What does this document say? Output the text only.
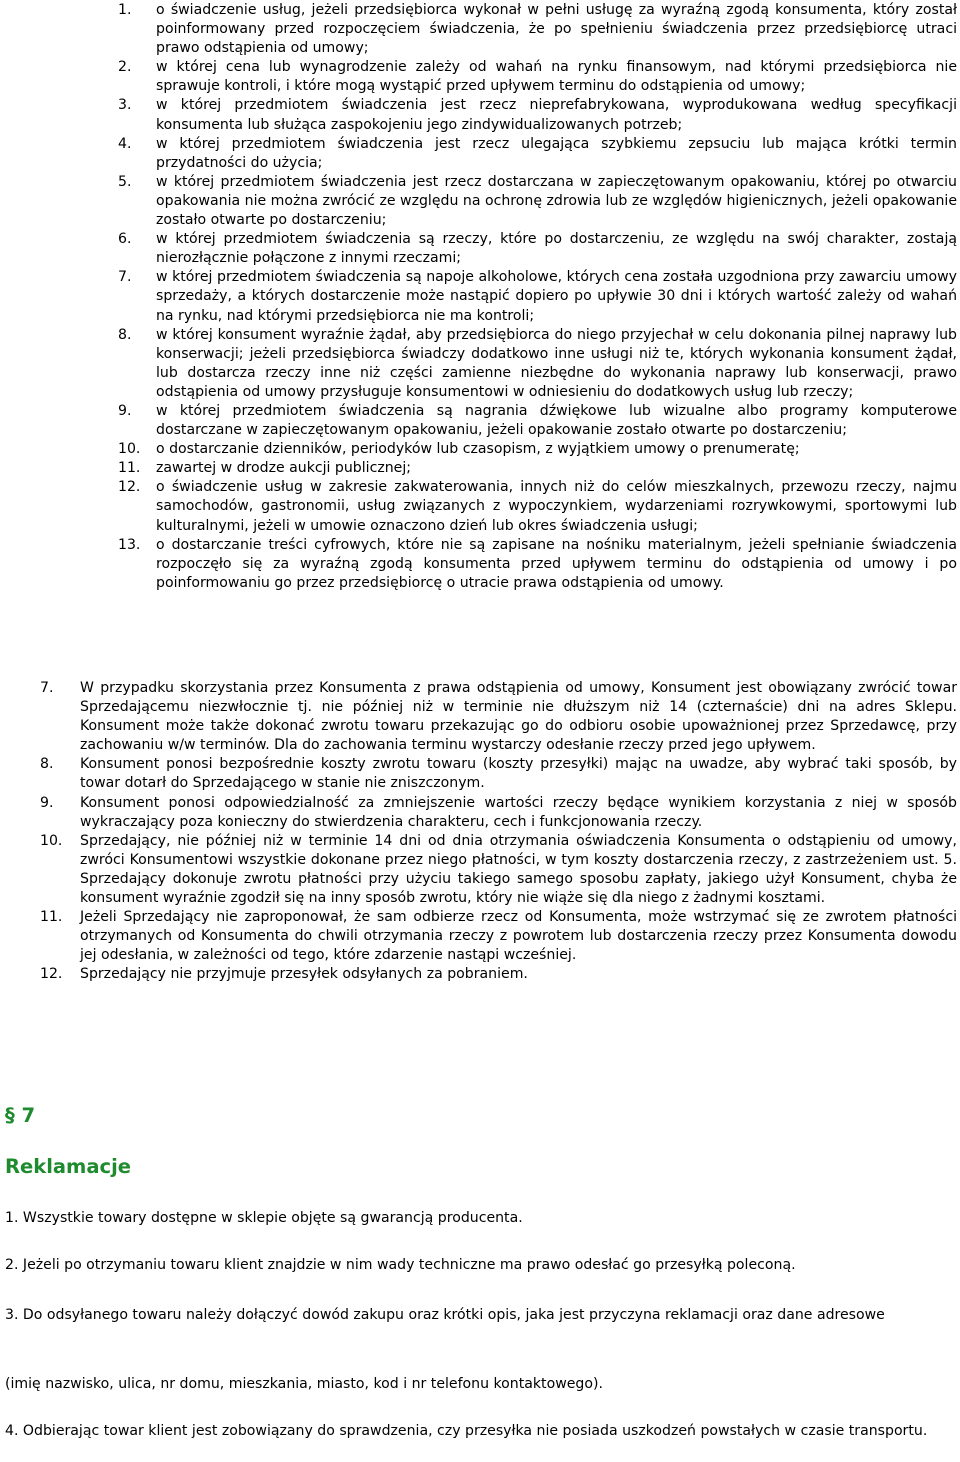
1. o świadczenie usług, jeżeli przedsiębiorca wykonał w pełni usługę za wyraźną zgodą konsumenta, który został poinformowany przed rozpoczęciem świadczenia, że po spełnieniu świadczenia przez przedsiębiorcę utraci prawo odstąpienia od umowy;
2. w której cena lub wynagrodzenie zależy od wahań na rynku finansowym, nad którymi przedsiębiorca nie sprawuje kontroli, i które mogą wystąpić przed upływem terminu do odstąpienia od umowy;
3. w której przedmiotem świadczenia jest rzecz nieprefabrykowana, wyprodukowana według specyfikacji konsumenta lub służąca zaspokojeniu jego zindywidualizowanych potrzeb;
4. w której przedmiotem świadczenia jest rzecz ulegająca szybkiemu zepsuciu lub mająca krótki termin przydatności do użycia;
5. w której przedmiotem świadczenia jest rzecz dostarczana w zapieczętowanym opakowaniu, której po otwarciu opakowania nie można zwrócić ze względu na ochronę zdrowia lub ze względów higienicznych, jeżeli opakowanie zostało otwarte po dostarczeniu;
6. w której przedmiotem świadczenia są rzeczy, które po dostarczeniu, ze względu na swój charakter, zostają nierozłącznie połączone z innymi rzeczami;
7. w której przedmiotem świadczenia są napoje alkoholowe, których cena została uzgodniona przy zawarciu umowy sprzedaży, a których dostarczenie może nastąpić dopiero po upływie 30 dni i których wartość zależy od wahań na rynku, nad którymi przedsiębiorca nie ma kontroli;
8. w której konsument wyraźnie żądał, aby przedsiębiorca do niego przyjechał w celu dokonania pilnej naprawy lub konserwacji; jeżeli przedsiębiorca świadczy dodatkowo inne usługi niż te, których wykonania konsument żądał, lub dostarcza rzeczy inne niż części zamienne niezbędne do wykonania naprawy lub konserwacji, prawo odstąpienia od umowy przysługuje konsumentowi w odniesieniu do dodatkowych usług lub rzeczy;
9. w której przedmiotem świadczenia są nagrania dźwiękowe lub wizualne albo programy komputerowe dostarczane w zapieczętowanym opakowaniu, jeżeli opakowanie zostało otwarte po dostarczeniu;
10. o dostarczanie dzienników, periodyków lub czasopism, z wyjątkiem umowy o prenumeratę;
11. zawartej w drodze aukcji publicznej;
12. o świadczenie usług w zakresie zakwaterowania, innych niż do celów mieszkalnych, przewozu rzeczy, najmu samochodów, gastronomii, usług związanych z wypoczynkiem, wydarzeniami rozrywkowymi, sportowymi lub kulturalnymi, jeżeli w umowie oznaczono dzień lub okres świadczenia usługi;
13. o dostarczanie treści cyfrowych, które nie są zapisane na nośniku materialnym, jeżeli spełnianie świadczenia rozpoczęło się za wyraźną zgodą konsumenta przed upływem terminu do odstąpienia od umowy i po poinformowaniu go przez przedsiębiorcę o utracie prawa odstąpienia od umowy.
7. W przypadku skorzystania przez Konsumenta z prawa odstąpienia od umowy, Konsument jest obowiązany zwrócić towar Sprzedającemu niezwłocznie tj. nie później niż w terminie nie dłuższym niż 14 (czternaście) dni na adres Sklepu. Konsument może także dokonać zwrotu towaru przekazując go do odbioru osobie upoważnionej przez Sprzedawcę, przy zachowaniu w/w terminów. Dla do zachowania terminu wystarczy odesłanie rzeczy przed jego upływem.
8. Konsument ponosi bezpośrednie koszty zwrotu towaru (koszty przesyłki) mając na uwadze, aby wybrać taki sposób, by towar dotarł do Sprzedającego w stanie nie zniszczonym.
9. Konsument ponosi odpowiedzialność za zmniejszenie wartości rzeczy będące wynikiem korzystania z niej w sposób wykraczający poza konieczny do stwierdzenia charakteru, cech i funkcjonowania rzeczy.
10. Sprzedający, nie później niż w terminie 14 dni od dnia otrzymania oświadczenia Konsumenta o odstąpieniu od umowy, zwróci Konsumentowi wszystkie dokonane przez niego płatności, w tym koszty dostarczenia rzeczy, z zastrzeżeniem ust. 5. Sprzedający dokonuje zwrotu płatności przy użyciu takiego samego sposobu zapłaty, jakiego użył Konsument, chyba że konsument wyraźnie zgodził się na inny sposób zwrotu, który nie wiąże się dla niego z żadnymi kosztami.
11. Jeżeli Sprzedający nie zaproponował, że sam odbierze rzecz od Konsumenta, może wstrzymać się ze zwrotem płatności otrzymanych od Konsumenta do chwili otrzymania rzeczy z powrotem lub dostarczenia rzeczy przez Konsumenta dowodu jej odesłania, w zależności od tego, które zdarzenie nastąpi wcześniej.
12. Sprzedający nie przyjmuje przesyłek odsyłanych za pobraniem.
§ 7
Reklamacje

1. Wszystkie towary dostępne w sklepie objęte są gwarancją producenta.

2. Jeżeli po otrzymaniu towaru klient znajdzie w nim wady techniczne ma prawo odesłać go przesyłką poleconą.

3. Do odsyłanego towaru należy dołączyć dowód zakupu oraz krótki opis, jaka jest przyczyna reklamacji oraz dane adresowe

(imię nazwisko, ulica, nr domu, mieszkania, miasto, kod i nr telefonu kontaktowego).

4. Odbierając towar klient jest zobowiązany do sprawdzenia, czy przesyłka nie posiada uszkodzeń powstałych w czasie transportu.
